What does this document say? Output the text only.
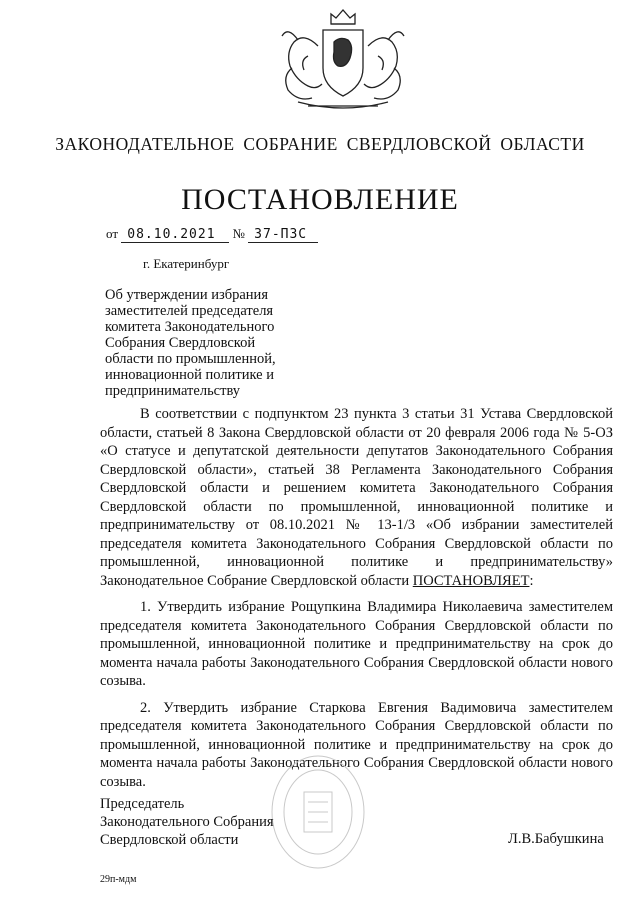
ЗАКОНОДАТЕЛЬНОЕ СОБРАНИЕ СВЕРДЛОВСКОЙ ОБЛАСТИ
ПОСТАНОВЛЕНИЕ
от 08.10.2021 № 37-ПЗС
г. Екатеринбург
Об утверждении избрания заместителей председателя комитета Законодательного Собрания Свердловской области по промышленной, инновационной политике и предпринимательству

В соответствии с подпунктом 23 пункта 3 статьи 31 Устава Свердловской области, статьей 8 Закона Свердловской области от 20 февраля 2006 года № 5-ОЗ «О статусе и депутатской деятельности депутатов Законодательного Собрания Свердловской области», статьей 38 Регламента Законодательного Собрания Свердловской области и решением комитета Законодательного Собрания Свердловской области по промышленной, инновационной политике и предпринимательству от 08.10.2021 № 13-1/3 «Об избрании заместителей председателя комитета Законодательного Собрания Свердловской области по промышленной, инновационной политике и предпринимательству» Законодательное Собрание Свердловской области ПОСТАНОВЛЯЕТ:

1. Утвердить избрание Рощупкина Владимира Николаевича заместителем председателя комитета Законодательного Собрания Свердловской области по промышленной, инновационной политике и предпринимательству на срок до момента начала работы Законодательного Собрания Свердловской области нового созыва.

2. Утвердить избрание Старкова Евгения Вадимовича заместителем председателя комитета Законодательного Собрания Свердловской области по промышленной, инновационной политике и предпринимательству на срок до момента начала работы Законодательного Собрания Свердловской области нового созыва.

Председатель
Законодательного Собрания
Свердловской области	Л.В.Бабушкина
29п-мдм
